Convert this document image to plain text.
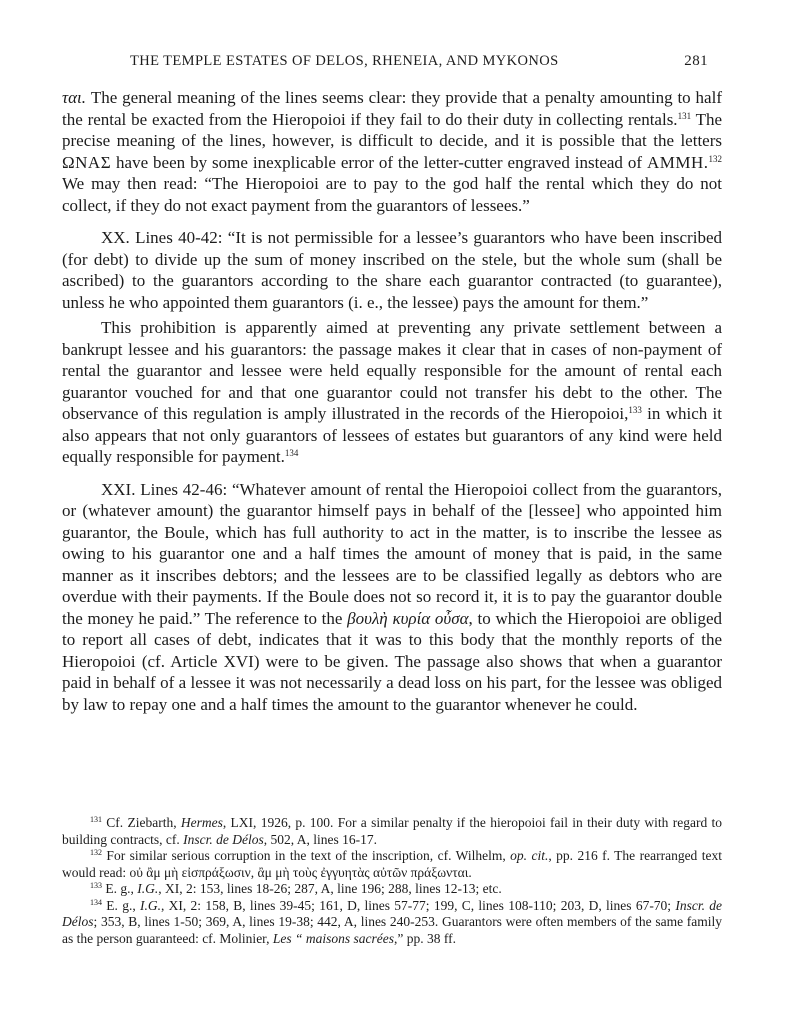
THE TEMPLE ESTATES OF DELOS, RHENEIA, AND MYKONOS	281

ται. The general meaning of the lines seems clear: they provide that a penalty amounting to half the rental be exacted from the Hieropoioi if they fail to do their duty in collecting rentals.$^{131}$ The precise meaning of the lines, however, is difficult to decide, and it is possible that the letters ΩΝΑΣ have been by some inexplicable error of the letter-cutter engraved instead of ΑΜΜΗ.$^{132}$ We may then read: “The Hieropoioi are to pay to the god half the rental which they do not collect, if they do not exact payment from the guarantors of lessees.”

XX. Lines 40-42: “It is not permissible for a lessee’s guarantors who have been inscribed (for debt) to divide up the sum of money inscribed on the stele, but the whole sum (shall be ascribed) to the guarantors according to the share each guarantor contracted (to guarantee), unless he who appointed them guarantors (i. e., the lessee) pays the amount for them.”

This prohibition is apparently aimed at preventing any private settlement between a bankrupt lessee and his guarantors: the passage makes it clear that in cases of non-payment of rental the guarantor and lessee were held equally responsible for the amount of rental each guarantor vouched for and that one guarantor could not transfer his debt to the other. The observance of this regulation is amply illustrated in the records of the Hieropoioi,$^{133}$ in which it also appears that not only guarantors of lessees of estates but guarantors of any kind were held equally responsible for payment.$^{134}$

XXI. Lines 42-46: “Whatever amount of rental the Hieropoioi collect from the guarantors, or (whatever amount) the guarantor himself pays in behalf of the [lessee] who appointed him guarantor, the Boule, which has full authority to act in the matter, is to inscribe the lessee as owing to his guarantor one and a half times the amount of money that is paid, in the same manner as it inscribes debtors; and the lessees are to be classified legally as debtors who are overdue with their payments. If the Boule does not so record it, it is to pay the guarantor double the money he paid.” The reference to the βουλὴ κυρία οὖσα, to which the Hieropoioi are obliged to report all cases of debt, indicates that it was to this body that the monthly reports of the Hieropoioi (cf. Article XVI) were to be given. The passage also shows that when a guarantor paid in behalf of a lessee it was not necessarily a dead loss on his part, for the lessee was obliged by law to repay one and a half times the amount to the guarantor whenever he could.

$^{131}$ Cf. Ziebarth, Hermes, LXI, 1926, p. 100. For a similar penalty if the hieropoioi fail in their duty with regard to building contracts, cf. Inscr. de Délos, 502, A, lines 16-17.

$^{132}$ For similar serious corruption in the text of the inscription, cf. Wilhelm, op. cit., pp. 216 f. The rearranged text would read: οὐ ἂμ μὴ εἰσπράξωσιν, ἂμ μὴ τοὺς ἐγγυητὰς αὐτῶν πράξωνται.

$^{133}$ E. g., I.G., XI, 2: 153, lines 18-26; 287, A, line 196; 288, lines 12-13; etc.

$^{134}$ E. g., I.G., XI, 2: 158, B, lines 39-45; 161, D, lines 57-77; 199, C, lines 108-110; 203, D, lines 67-70; Inscr. de Délos; 353, B, lines 1-50; 369, A, lines 19-38; 442, A, lines 240-253. Guarantors were often members of the same family as the person guaranteed: cf. Molinier, Les “ maisons sacrées,” pp. 38 ff.
